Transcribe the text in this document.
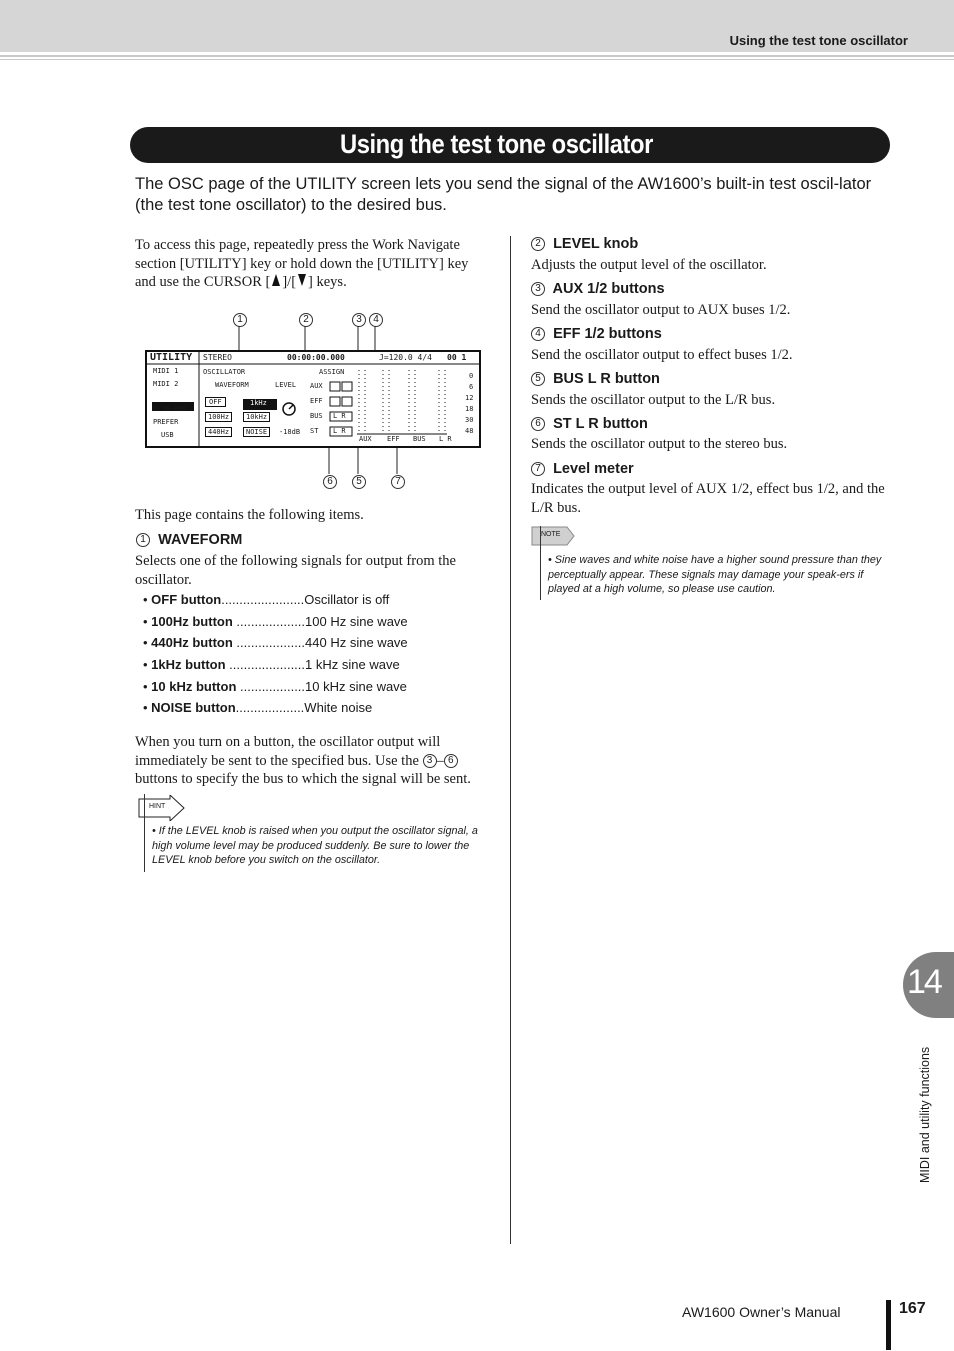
Using the test tone oscillator
Using the test tone oscillator
The OSC page of the UTILITY screen lets you send the signal of the AW1600’s built-in test oscil-lator (the test tone oscillator) to the desired bus.
To access this page, repeatedly press the Work Navigate section [UTILITY] key or hold down the [UTILITY] key and use the CURSOR [ ]/[ ] keys.
1	2	3	4
6	5	7
UTILITY STEREO	00:00:00.000	J=120.0 4/4 00 1
MIDI 1
MIDI 2
OSC
D.IN-HDD
PREFER
USB
OSCILLATOR	ASSIGN
WAVEFORM	LEVEL
OFF	1kHz
100Hz	10kHz
440Hz	NOISE	-18dB
AUX
EFF
BUS
ST
L R
L R
AUX EFF BUS L R
0
6
12
18
30
48
This page contains the following items.
1 WAVEFORM
Selects one of the following signals for output from the oscillator.
• OFF button.......................Oscillator is off
• 100Hz button ...................100 Hz sine wave
• 440Hz button ...................440 Hz sine wave
• 1kHz button .....................1 kHz sine wave
• 10 kHz button ..................10 kHz sine wave
• NOISE button...................White noise
When you turn on a button, the oscillator output will immediately be sent to the specified bus. Use the 3 – 6 buttons to specify the bus to which the signal will be sent.
HINT
• If the LEVEL knob is raised when you output the oscillator signal, a high volume level may be produced suddenly. Be sure to lower the LEVEL knob before you switch on the oscillator.
2 LEVEL knob
Adjusts the output level of the oscillator.
3 AUX 1/2 buttons
Send the oscillator output to AUX buses 1/2.
4 EFF 1/2 buttons
Send the oscillator output to effect buses 1/2.
5 BUS L R button
Sends the oscillator output to the L/R bus.
6 ST L R button
Sends the oscillator output to the stereo bus.
7 Level meter
Indicates the output level of AUX 1/2, effect bus 1/2, and the L/R bus.
NOTE
• Sine waves and white noise have a higher sound pressure than they perceptually appear. These signals may damage your speak-ers if played at a high volume, so please use caution.
14
MIDI and utility functions
AW1600 Owner’s Manual	167
